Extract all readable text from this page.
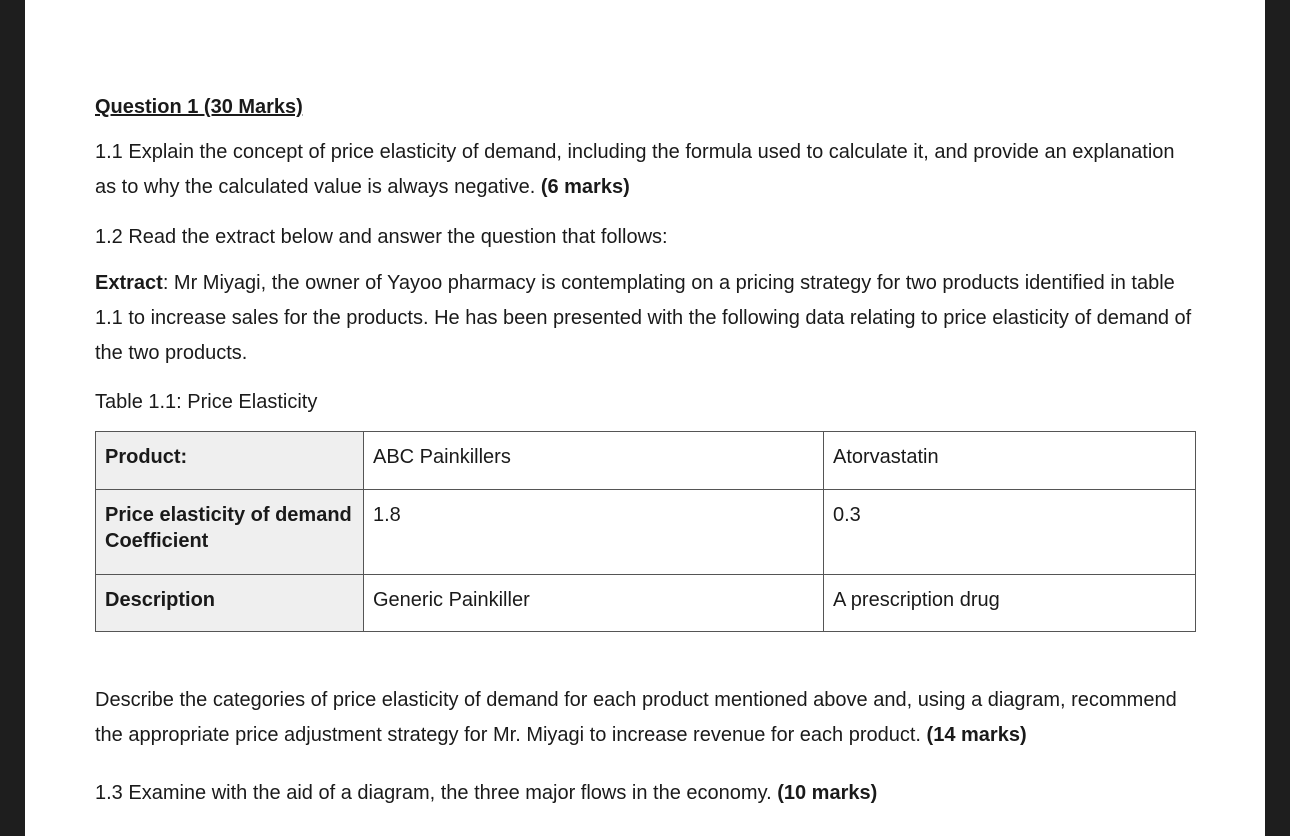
Question 1 (30 Marks)

1.1 Explain the concept of price elasticity of demand, including the formula used to calculate it, and provide an explanation as to why the calculated value is always negative. (6 marks)

1.2 Read the extract below and answer the question that follows:

Extract: Mr Miyagi, the owner of Yayoo pharmacy is contemplating on a pricing strategy for two products identified in table 1.1 to increase sales for the products. He has been presented with the following data relating to price elasticity of demand of the two products.

Table 1.1: Price Elasticity
Product:	ABC Painkillers	Atorvastatin
Price elasticity of demand Coefficient	1.8	0.3
Description	Generic Painkiller	A prescription drug

Describe the categories of price elasticity of demand for each product mentioned above and, using a diagram, recommend the appropriate price adjustment strategy for Mr. Miyagi to increase revenue for each product. (14 marks)

1.3 Examine with the aid of a diagram, the three major flows in the economy. (10 marks)
